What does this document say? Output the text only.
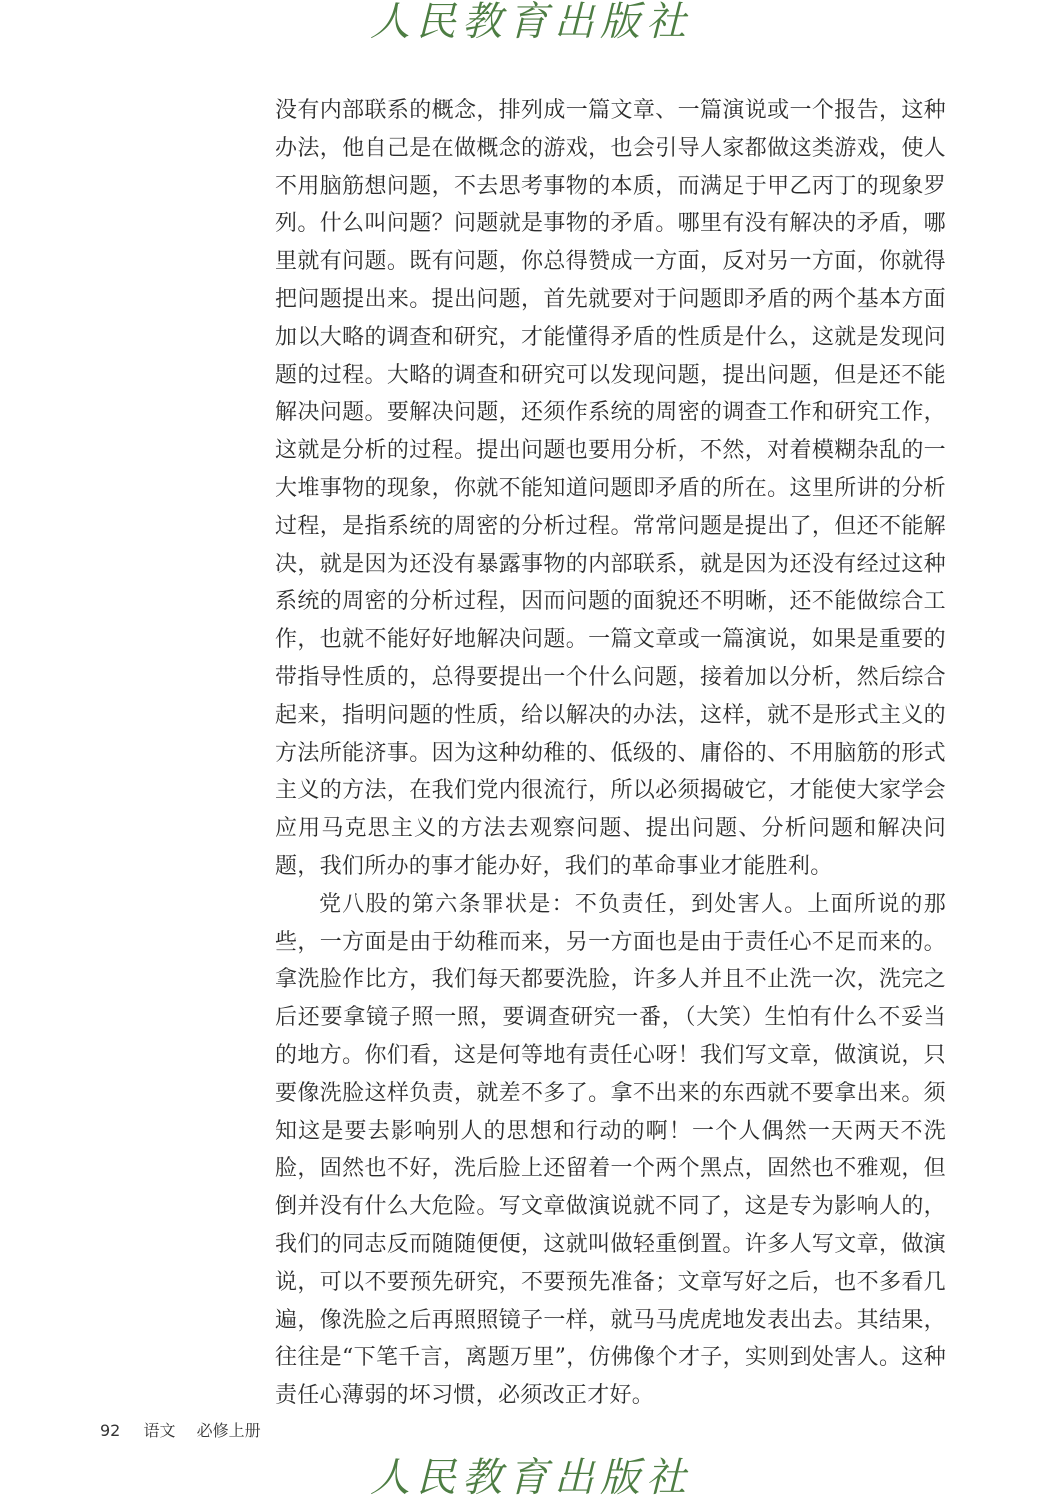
人民教育出版社

没有内部联系的概念，排列成一篇文章、一篇演说或一个报告，这种办法，他自己是在做概念的游戏，也会引导人家都做这类游戏，使人不用脑筋想问题，不去思考事物的本质，而满足于甲乙丙丁的现象罗列。什么叫问题？问题就是事物的矛盾。哪里有没有解决的矛盾，哪里就有问题。既有问题，你总得赞成一方面，反对另一方面，你就得把问题提出来。提出问题，首先就要对于问题即矛盾的两个基本方面加以大略的调查和研究，才能懂得矛盾的性质是什么，这就是发现问题的过程。大略的调查和研究可以发现问题，提出问题，但是还不能解决问题。要解决问题，还须作系统的周密的调查工作和研究工作，这就是分析的过程。提出问题也要用分析，不然，对着模糊杂乱的一大堆事物的现象，你就不能知道问题即矛盾的所在。这里所讲的分析过程，是指系统的周密的分析过程。常常问题是提出了，但还不能解决，就是因为还没有暴露事物的内部联系，就是因为还没有经过这种系统的周密的分析过程，因而问题的面貌还不明晰，还不能做综合工作，也就不能好好地解决问题。一篇文章或一篇演说，如果是重要的带指导性质的，总得要提出一个什么问题，接着加以分析，然后综合起来，指明问题的性质，给以解决的办法，这样，就不是形式主义的方法所能济事。因为这种幼稚的、低级的、庸俗的、不用脑筋的形式主义的方法，在我们党内很流行，所以必须揭破它，才能使大家学会应用马克思主义的方法去观察问题、提出问题、分析问题和解决问题，我们所办的事才能办好，我们的革命事业才能胜利。

党八股的第六条罪状是：不负责任，到处害人。上面所说的那些，一方面是由于幼稚而来，另一方面也是由于责任心不足而来的。拿洗脸作比方，我们每天都要洗脸，许多人并且不止洗一次，洗完之后还要拿镜子照一照，要调查研究一番，（大笑）生怕有什么不妥当的地方。你们看，这是何等地有责任心呀！我们写文章，做演说，只要像洗脸这样负责，就差不多了。拿不出来的东西就不要拿出来。须知这是要去影响别人的思想和行动的啊！一个人偶然一天两天不洗脸，固然也不好，洗后脸上还留着一个两个黑点，固然也不雅观，但倒并没有什么大危险。写文章做演说就不同了，这是专为影响人的，我们的同志反而随随便便，这就叫做轻重倒置。许多人写文章，做演说，可以不要预先研究，不要预先准备；文章写好之后，也不多看几遍，像洗脸之后再照照镜子一样，就马马虎虎地发表出去。其结果，往往是“下笔千言，离题万里”，仿佛像个才子，实则到处害人。这种责任心薄弱的坏习惯，必须改正才好。

92 语文 必修上册
人民教育出版社
